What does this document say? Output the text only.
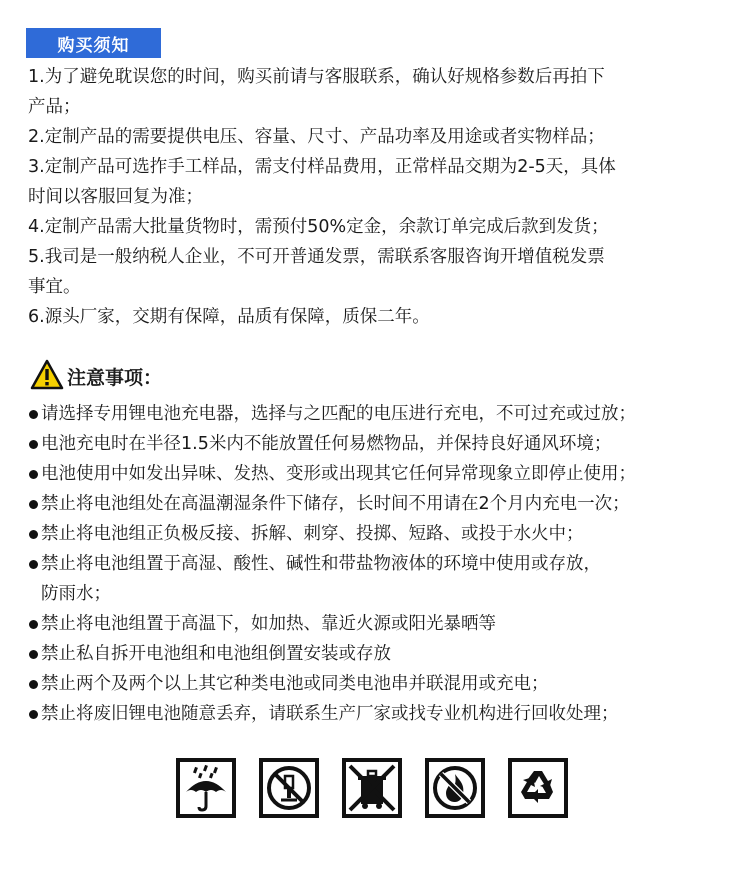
购买须知
1.为了避免耽误您的时间，购买前请与客服联系，确认好规格参数后再拍下
产品；
2.定制产品的需要提供电压、容量、尺寸、产品功率及用途或者实物样品；
3.定制产品可选拃手工样品，需支付样品费用，正常样品交期为2-5天，具体
时间以客服回复为准；
4.定制产品需大批量货物时，需预付50%定金，余款订单完成后款到发货；
5.我司是一般纳税人企业，不可开普通发票，需联系客服咨询开增值税发票
事宜。
6.源头厂家，交期有保障，品质有保障，质保二年。
注意事项：
请选择专用锂电池充电器，选择与之匹配的电压进行充电，不可过充或过放；
电池充电时在半径1.5米内不能放置任何易燃物品，并保持良好通风环境；
电池使用中如发出异味、发热、变形或出现其它任何异常现象立即停止使用；
禁止将电池组处在高温潮湿条件下储存，长时间不用请在2个月内充电一次；
禁止将电池组正负极反接、拆解、刺穿、投掷、短路、或投于水火中；
禁止将电池组置于高湿、酸性、碱性和带盐物液体的环境中使用或存放，
防雨水；
禁止将电池组置于高温下，如加热、靠近火源或阳光暴晒等
禁止私自拆开电池组和电池组倒置安装或存放
禁止两个及两个以上其它种类电池或同类电池串并联混用或充电；
禁止将废旧锂电池随意丢弃，请联系生产厂家或找专业机构进行回收处理；
